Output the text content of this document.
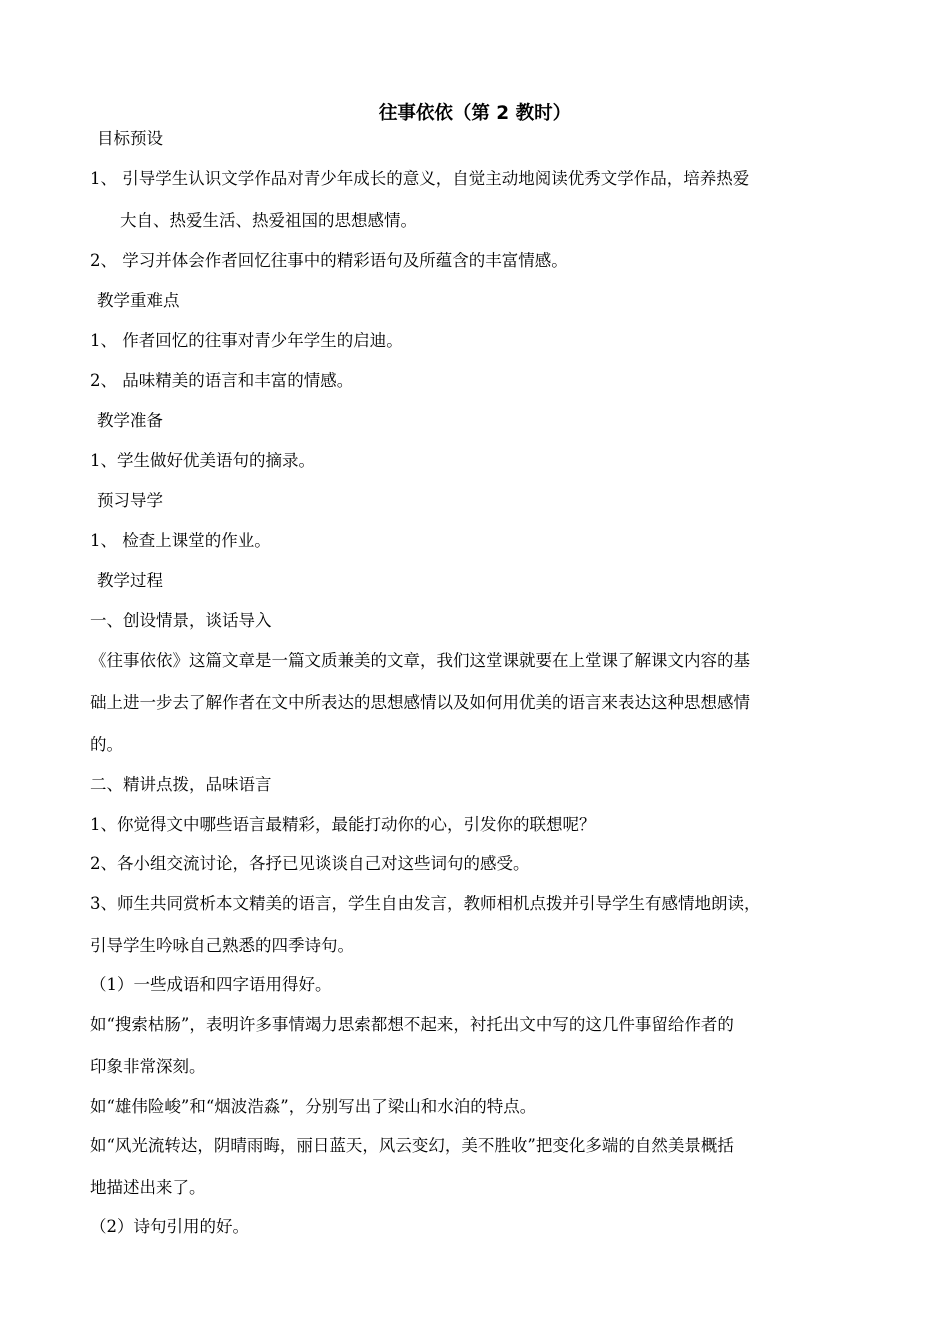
往事依依（第 2 教时）
目标预设
1、 引导学生认识文学作品对青少年成长的意义，自觉主动地阅读优秀文学作品，培养热爱
大自、热爱生活、热爱祖国的思想感情。
2、 学习并体会作者回忆往事中的精彩语句及所蕴含的丰富情感。
教学重难点
1、 作者回忆的往事对青少年学生的启迪。
2、 品味精美的语言和丰富的情感。
教学准备
1、学生做好优美语句的摘录。
预习导学
1、 检查上课堂的作业。
教学过程
一、创设情景，谈话导入
《往事依依》这篇文章是一篇文质兼美的文章，我们这堂课就要在上堂课了解课文内容的基
础上进一步去了解作者在文中所表达的思想感情以及如何用优美的语言来表达这种思想感情
的。
二、精讲点拨，品味语言
1、你觉得文中哪些语言最精彩，最能打动你的心，引发你的联想呢？
2、各小组交流讨论，各抒已见谈谈自己对这些词句的感受。
3、师生共同赏析本文精美的语言，学生自由发言，教师相机点拨并引导学生有感情地朗读，
引导学生吟咏自己熟悉的四季诗句。
（1）一些成语和四字语用得好。
如“搜索枯肠”，表明许多事情竭力思索都想不起来，衬托出文中写的这几件事留给作者的
印象非常深刻。
如“雄伟险峻”和“烟波浩淼”，分别写出了梁山和水泊的特点。
如“风光流转达，阴晴雨晦，丽日蓝天，风云变幻，美不胜收”把变化多端的自然美景概括
地描述出来了。
（2）诗句引用的好。
